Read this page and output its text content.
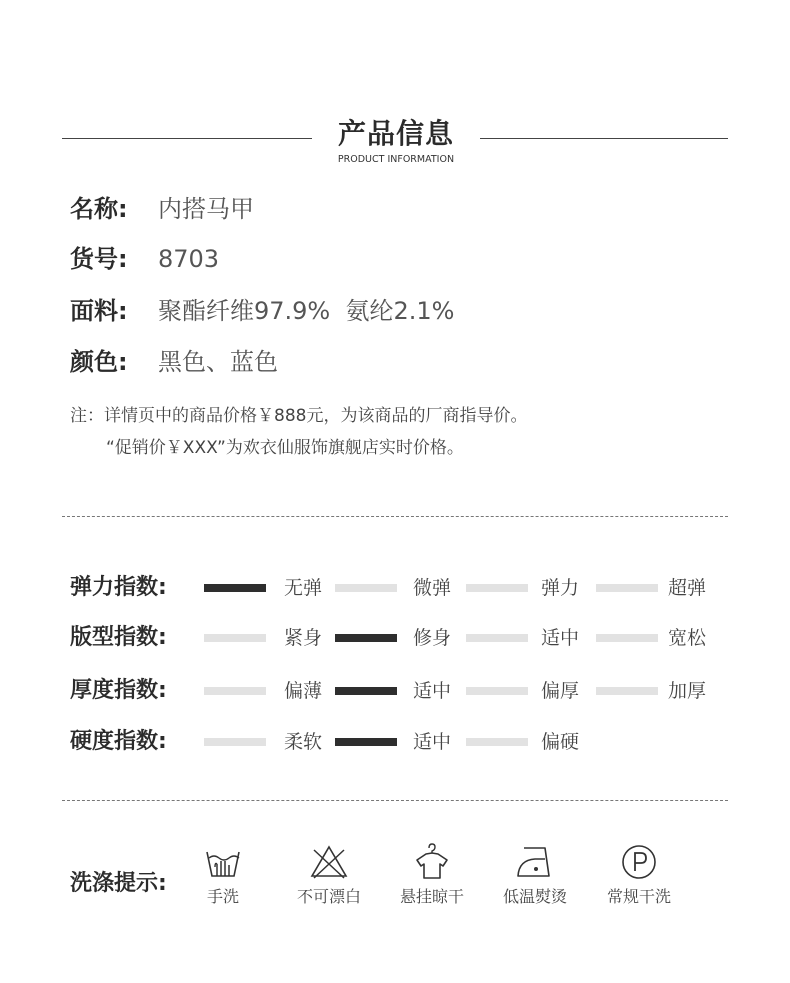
产品信息
PRODUCT INFORMATION
名称: 内搭马甲
货号: 8703
面料: 聚酯纤维97.9%  氨纶2.1%
颜色: 黑色、蓝色
注：详情页中的商品价格￥888元，为该商品的厂商指导价。
“促销价￥XXX”为欢衣仙服饰旗舰店实时价格。
弹力指数:	无弹	微弹	弹力	超弹
版型指数:	紧身	修身	适中	宽松
厚度指数:	偏薄	适中	偏厚	加厚
硬度指数:	柔软	适中	偏硬
洗涤提示:
手洗	不可漂白	悬挂晾干	低温熨烫	常规干洗
